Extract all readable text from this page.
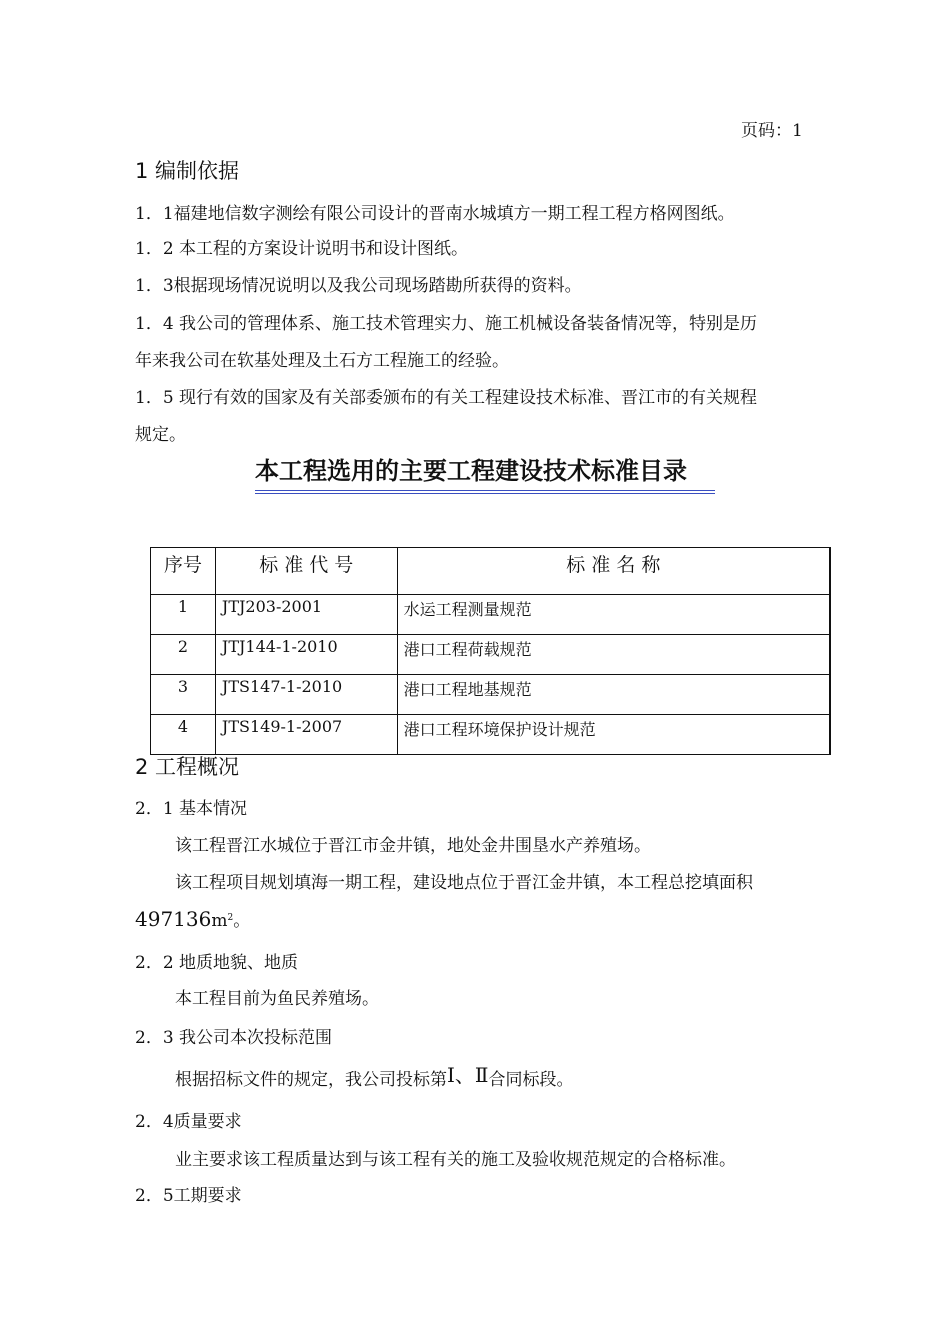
页码：1
1 编制依据
1．1福建地信数字测绘有限公司设计的晋南水城填方一期工程工程方格网图纸。
1．2 本工程的方案设计说明书和设计图纸。
1．3根据现场情况说明以及我公司现场踏勘所获得的资料。
1．4 我公司的管理体系、施工技术管理实力、施工机械设备装备情况等，特别是历
年来我公司在软基处理及土石方工程施工的经验。
1．5 现行有效的国家及有关部委颁布的有关工程建设技术标准、晋江市的有关规程
规定。
本工程选用的主要工程建设技术标准目录
序号	标 准 代 号	标 准 名 称
1	JTJ203-2001	水运工程测量规范
2	JTJ144-1-2010	港口工程荷载规范
3	JTS147-1-2010	港口工程地基规范
4	JTS149-1-2007	港口工程环境保护设计规范
2 工程概况
2．1 基本情况
该工程晋江水城位于晋江市金井镇，地处金井围垦水产养殖场。
该工程项目规划填海一期工程，建设地点位于晋江金井镇，本工程总挖填面积
$497136m^2$。
2．2 地质地貌、地质
本工程目前为鱼民养殖场。
2．3 我公司本次投标范围
根据招标文件的规定，我公司投标第Ⅰ、Ⅱ合同标段。
2．4质量要求
业主要求该工程质量达到与该工程有关的施工及验收规范规定的合格标准。
2．5工期要求
